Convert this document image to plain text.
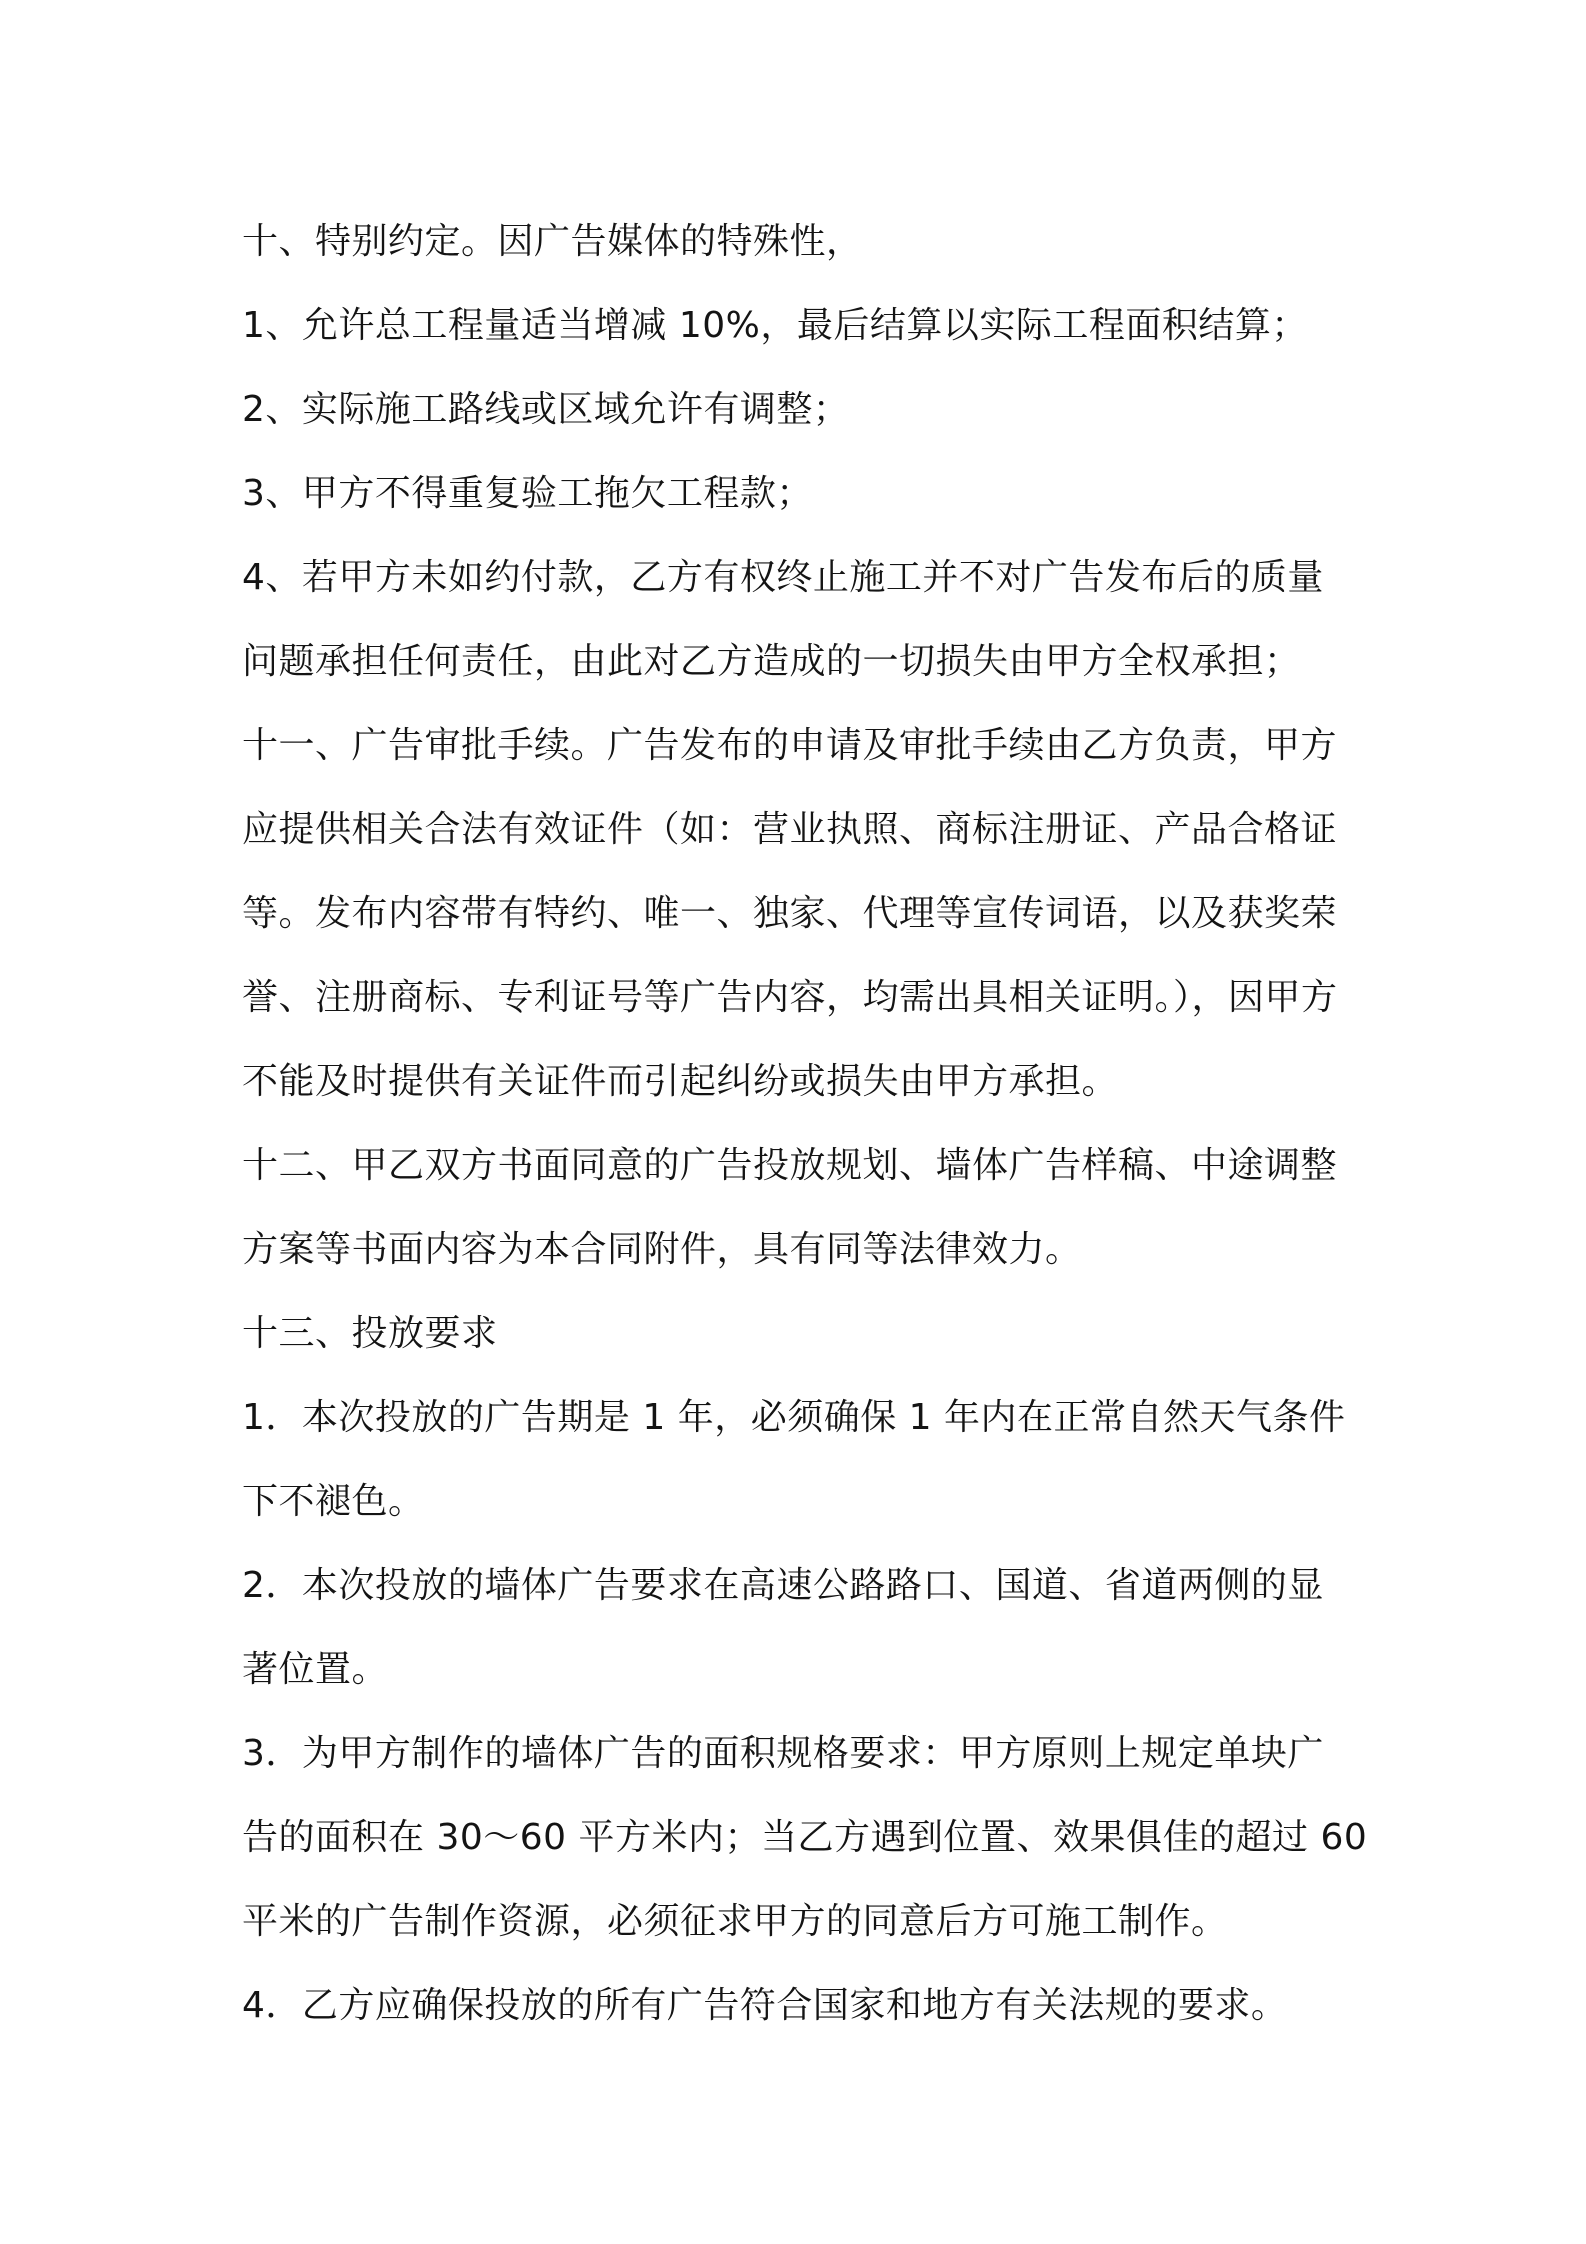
十、特别约定。因广告媒体的特殊性，
1、允许总工程量适当增减 10%，最后结算以实际工程面积结算；
2、实际施工路线或区域允许有调整；
3、甲方不得重复验工拖欠工程款；
4、若甲方未如约付款，乙方有权终止施工并不对广告发布后的质量
问题承担任何责任，由此对乙方造成的一切损失由甲方全权承担；
十一、广告审批手续。广告发布的申请及审批手续由乙方负责，甲方
应提供相关合法有效证件（如：营业执照、商标注册证、产品合格证
等。发布内容带有特约、唯一、独家、代理等宣传词语，以及获奖荣
誉、注册商标、专利证号等广告内容，均需出具相关证明。），因甲方
不能及时提供有关证件而引起纠纷或损失由甲方承担。
十二、甲乙双方书面同意的广告投放规划、墙体广告样稿、中途调整
方案等书面内容为本合同附件，具有同等法律效力。
十三、投放要求
1．本次投放的广告期是 1 年，必须确保 1 年内在正常自然天气条件
下不褪色。
2．本次投放的墙体广告要求在高速公路路口、国道、省道两侧的显
著位置。
3．为甲方制作的墙体广告的面积规格要求：甲方原则上规定单块广
告的面积在 30～60 平方米内；当乙方遇到位置、效果俱佳的超过 60
平米的广告制作资源，必须征求甲方的同意后方可施工制作。
4．乙方应确保投放的所有广告符合国家和地方有关法规的要求。
